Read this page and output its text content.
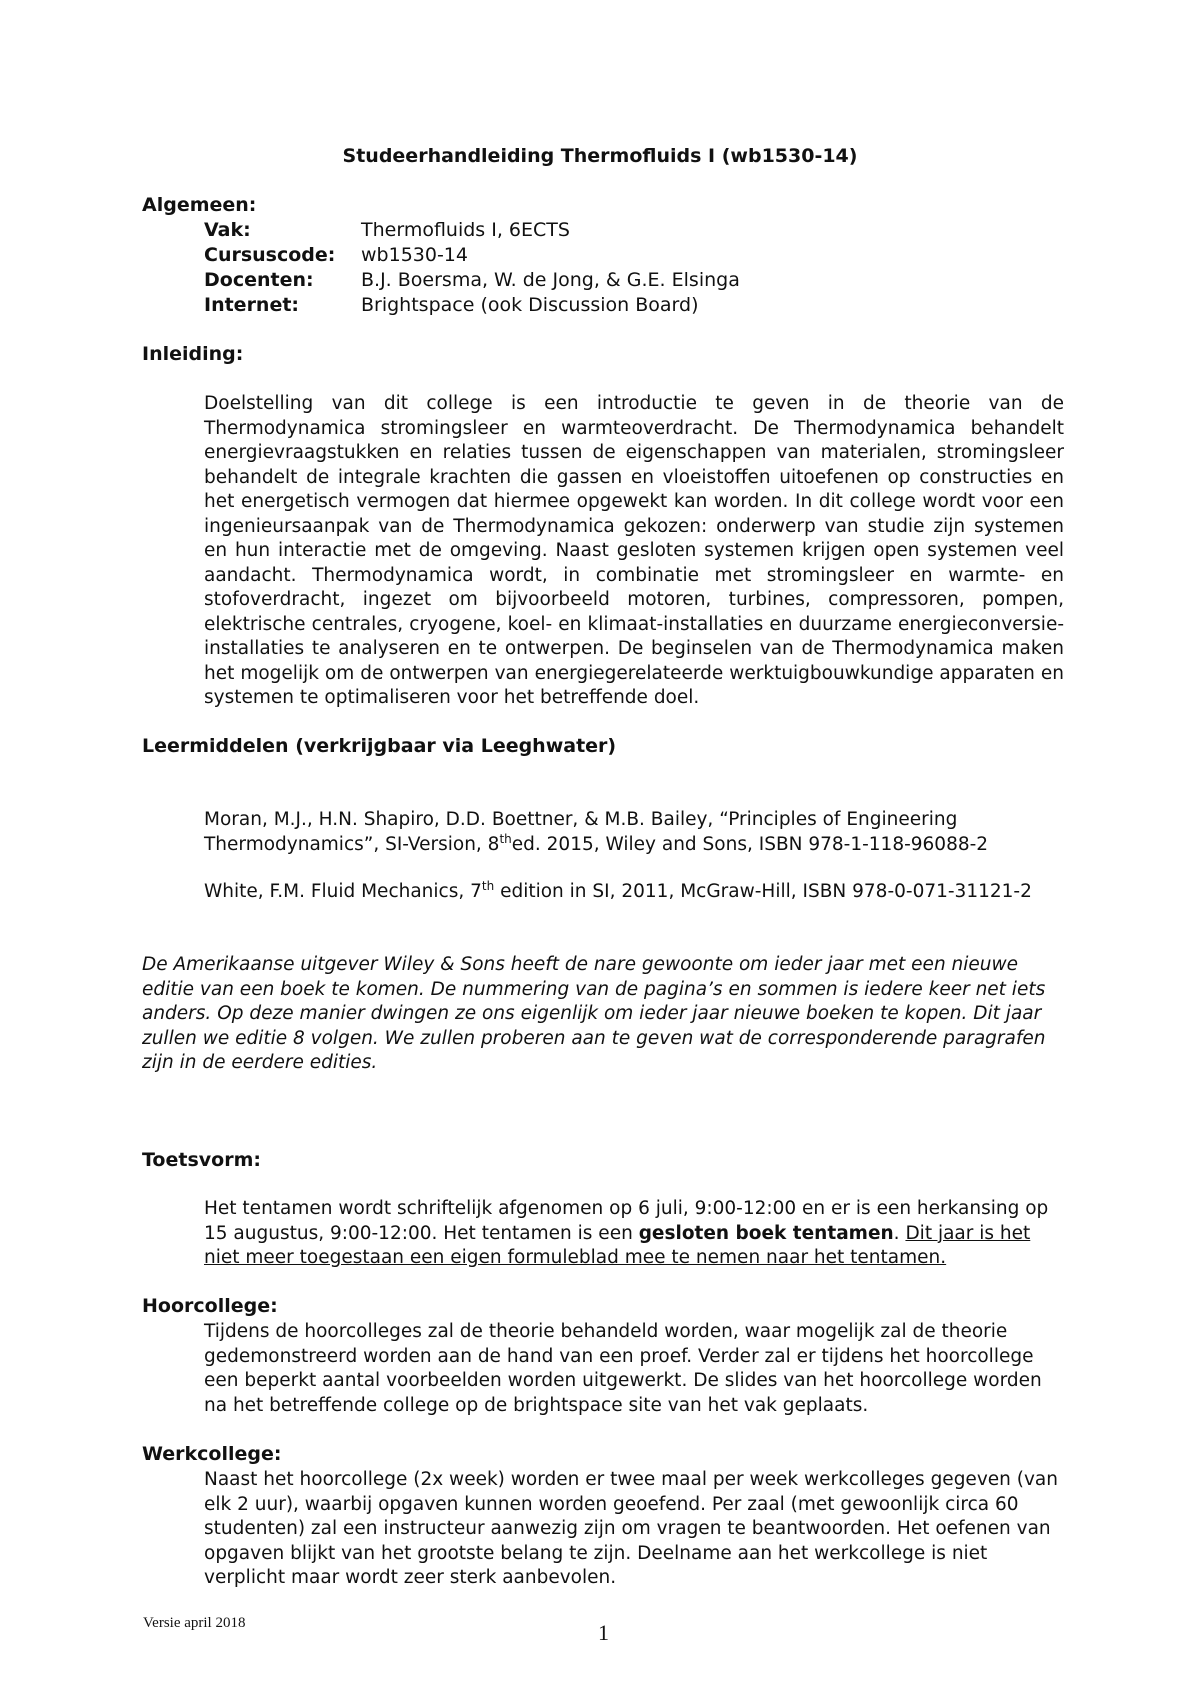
Studeerhandleiding Thermofluids I (wb1530-14)
Algemeen:
Vak:	Thermofluids I, 6ECTS
Cursuscode:	wb1530-14
Docenten:	B.J. Boersma, W. de Jong, & G.E. Elsinga
Internet:	Brightspace (ook Discussion Board)
Inleiding:

Doelstelling van dit college is een introductie te geven in de theorie van de Thermodynamica stromingsleer en warmteoverdracht. De Thermodynamica behandelt energievraagstukken en relaties tussen de eigenschappen van materialen, stromingsleer behandelt de integrale krachten die gassen en vloeistoffen uitoefenen op constructies en het energetisch vermogen dat hiermee opgewekt kan worden. In dit college wordt voor een ingenieursaanpak van de Thermodynamica gekozen: onderwerp van studie zijn systemen en hun interactie met de omgeving. Naast gesloten systemen krijgen open systemen veel aandacht. Thermodynamica wordt, in combinatie met stromingsleer en warmte- en stofoverdracht, ingezet om bijvoorbeeld motoren, turbines, compressoren, pompen, elektrische centrales, cryogene, koel- en klimaat-installaties en duurzame energieconversie-installaties te analyseren en te ontwerpen. De beginselen van de Thermodynamica maken het mogelijk om de ontwerpen van energiegerelateerde werktuigbouwkundige apparaten en systemen te optimaliseren voor het betreffende doel.

Leermiddelen (verkrijgbaar via Leeghwater)

Moran, M.J., H.N. Shapiro, D.D. Boettner, & M.B. Bailey, “Principles of Engineering Thermodynamics”, SI-Version, 8thed. 2015, Wiley and Sons, ISBN 978-1-118-96088-2

White, F.M. Fluid Mechanics, 7th edition in SI, 2011, McGraw-Hill, ISBN 978-0-071-31121-2

De Amerikaanse uitgever Wiley & Sons heeft de nare gewoonte om ieder jaar met een nieuwe editie van een boek te komen. De nummering van de pagina’s en sommen is iedere keer net iets anders. Op deze manier dwingen ze ons eigenlijk om ieder jaar nieuwe boeken te kopen. Dit jaar zullen we editie 8 volgen. We zullen proberen aan te geven wat de corresponderende paragrafen zijn in de eerdere edities.

Toetsvorm:

Het tentamen wordt schriftelijk afgenomen op 6 juli, 9:00-12:00 en er is een herkansing op 15 augustus, 9:00-12:00. Het tentamen is een gesloten boek tentamen. Dit jaar is het niet meer toegestaan een eigen formuleblad mee te nemen naar het tentamen.

Hoorcollege:

Tijdens de hoorcolleges zal de theorie behandeld worden, waar mogelijk zal de theorie gedemonstreerd worden aan de hand van een proef. Verder zal er tijdens het hoorcollege een beperkt aantal voorbeelden worden uitgewerkt. De slides van het hoorcollege worden na het betreffende college op de brightspace site van het vak geplaats.

Werkcollege:

Naast het hoorcollege (2x week) worden er twee maal per week werkcolleges gegeven (van elk 2 uur), waarbij opgaven kunnen worden geoefend. Per zaal (met gewoonlijk circa 60 studenten) zal een instructeur aanwezig zijn om vragen te beantwoorden. Het oefenen van opgaven blijkt van het grootste belang te zijn. Deelname aan het werkcollege is niet verplicht maar wordt zeer sterk aanbevolen.

Versie april 2018	1
